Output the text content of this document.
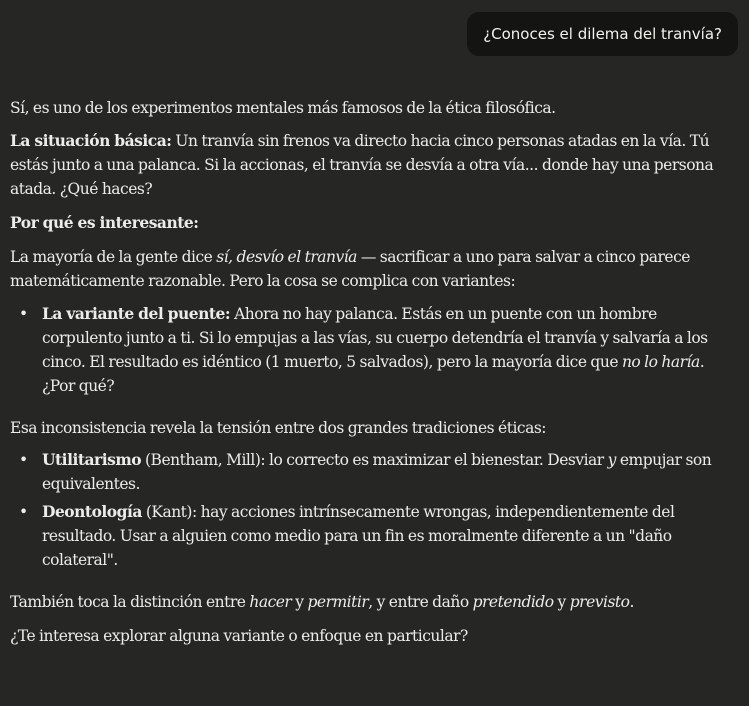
¿Conoces el dilema del tranvía?

Sí, es uno de los experimentos mentales más famosos de la ética filosófica.

La situación básica: Un tranvía sin frenos va directo hacia cinco personas atadas en la vía. Tú estás junto a una palanca. Si la accionas, el tranvía se desvía a otra vía... donde hay una persona atada. ¿Qué haces?

Por qué es interesante:

La mayoría de la gente dice sí, desvío el tranvía — sacrificar a uno para salvar a cinco parece matemáticamente razonable. Pero la cosa se complica con variantes:

• La variante del puente: Ahora no hay palanca. Estás en un puente con un hombre corpulento junto a ti. Si lo empujas a las vías, su cuerpo detendría el tranvía y salvaría a los cinco. El resultado es idéntico (1 muerto, 5 salvados), pero la mayoría dice que no lo haría. ¿Por qué?

Esa inconsistencia revela la tensión entre dos grandes tradiciones éticas:

• Utilitarismo (Bentham, Mill): lo correcto es maximizar el bienestar. Desviar y empujar son equivalentes.
• Deontología (Kant): hay acciones intrínsecamente wrongas, independientemente del resultado. Usar a alguien como medio para un fin es moralmente diferente a un "daño colateral".

También toca la distinción entre hacer y permitir, y entre daño pretendido y previsto.

¿Te interesa explorar alguna variante o enfoque en particular?
